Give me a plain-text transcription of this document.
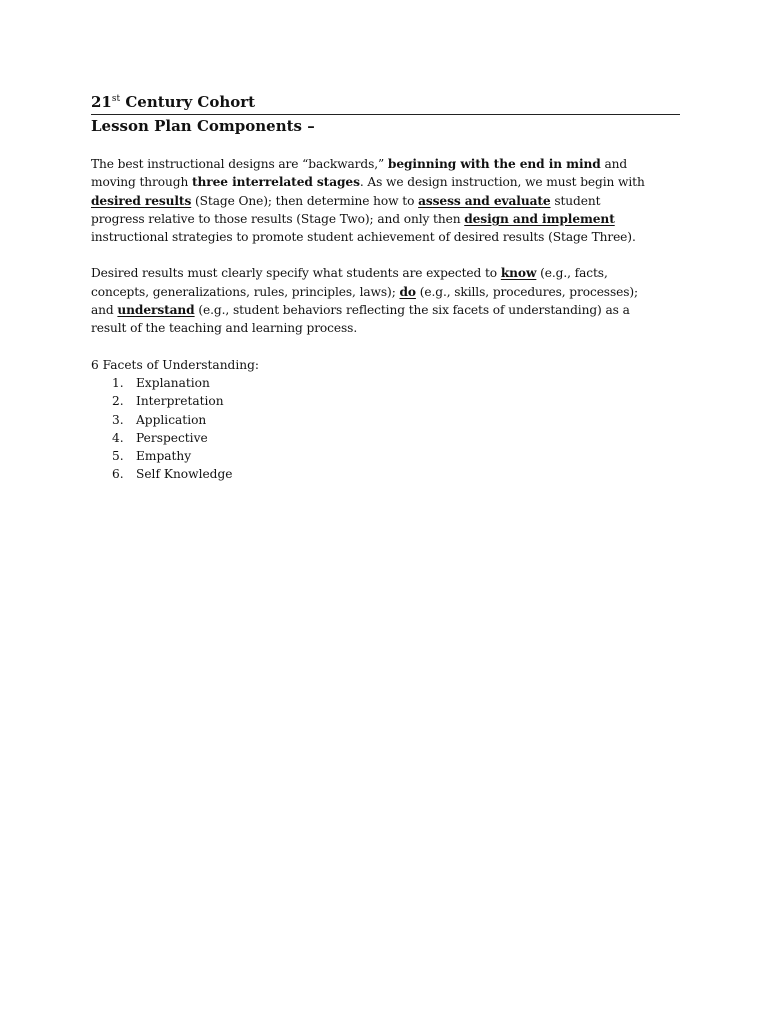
21st Century Cohort
Lesson Plan Components –
The best instructional designs are “backwards,” beginning with the end in mind and
moving through three interrelated stages. As we design instruction, we must begin with
desired results (Stage One); then determine how to assess and evaluate student
progress relative to those results (Stage Two); and only then design and implement
instructional strategies to promote student achievement of desired results (Stage Three).
Desired results must clearly specify what students are expected to know (e.g., facts,
concepts, generalizations, rules, principles, laws); do (e.g., skills, procedures, processes);
and understand (e.g., student behaviors reflecting the six facets of understanding) as a
result of the teaching and learning process.
6 Facets of Understanding:
1. Explanation
2. Interpretation
3. Application
4. Perspective
5. Empathy
6. Self Knowledge
